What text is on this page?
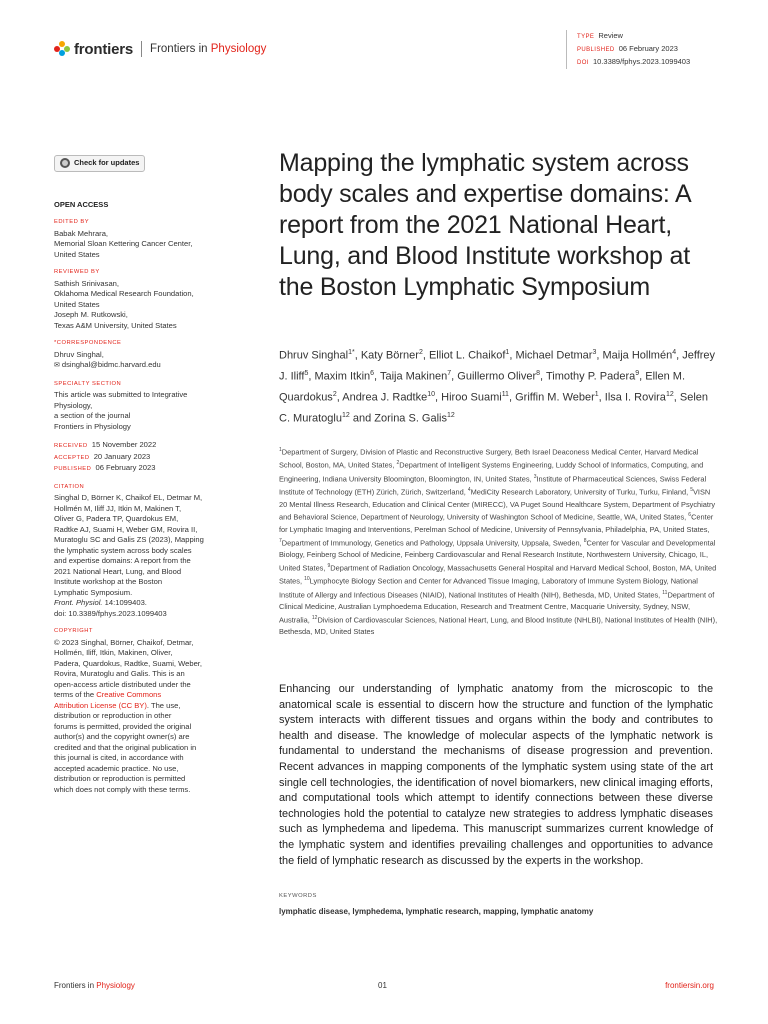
frontiers Frontiers in Physiology
TYPE Review
PUBLISHED 06 February 2023
DOI 10.3389/fphys.2023.1099403
Check for updates
OPEN ACCESS
EDITED BY
Babak Mehrara,
Memorial Sloan Kettering Cancer Center,
United States
REVIEWED BY
Sathish Srinivasan,
Oklahoma Medical Research Foundation,
United States
Joseph M. Rutkowski,
Texas A&M University, United States
*CORRESPONDENCE
Dhruv Singhal,
✉ dsinghal@bidmc.harvard.edu
SPECIALTY SECTION
This article was submitted to Integrative
Physiology,
a section of the journal
Frontiers in Physiology
RECEIVED 15 November 2022
ACCEPTED 20 January 2023
PUBLISHED 06 February 2023
CITATION
Singhal D, Börner K, Chaikof EL, Detmar M,
Hollmén M, Iliff JJ, Itkin M, Makinen T,
Oliver G, Padera TP, Quardokus EM,
Radtke AJ, Suami H, Weber GM, Rovira II,
Muratoglu SC and Galis ZS (2023), Mapping
the lymphatic system across body scales
and expertise domains: A report from the
2021 National Heart, Lung, and Blood
Institute workshop at the Boston
Lymphatic Symposium.
Front. Physiol. 14:1099403.
doi: 10.3389/fphys.2023.1099403
COPYRIGHT
© 2023 Singhal, Börner, Chaikof, Detmar,
Hollmén, Iliff, Itkin, Makinen, Oliver,
Padera, Quardokus, Radtke, Suami, Weber,
Rovira, Muratoglu and Galis. This is an
open-access article distributed under the
terms of the Creative Commons
Attribution License (CC BY). The use,
distribution or reproduction in other
forums is permitted, provided the original
author(s) and the copyright owner(s) are
credited and that the original publication in
this journal is cited, in accordance with
accepted academic practice. No use,
distribution or reproduction is permitted
which does not comply with these terms.
Mapping the lymphatic system across body scales and expertise domains: A report from the 2021 National Heart, Lung, and Blood Institute workshop at the Boston Lymphatic Symposium
Dhruv Singhal$^{1*}$, Katy Börner$^2$, Elliot L. Chaikof$^1$, Michael Detmar$^3$, Maija Hollmén$^4$, Jeffrey J. Iliff$^5$, Maxim Itkin$^6$, Taija Makinen$^7$, Guillermo Oliver$^8$, Timothy P. Padera$^9$, Ellen M. Quardokus$^2$, Andrea J. Radtke$^{10}$, Hiroo Suami$^{11}$, Griffin M. Weber$^1$, Ilsa I. Rovira$^{12}$, Selen C. Muratoglu$^{12}$ and Zorina S. Galis$^{12}$
$^1$Department of Surgery, Division of Plastic and Reconstructive Surgery, Beth Israel Deaconess Medical Center, Harvard Medical School, Boston, MA, United States, $^2$Department of Intelligent Systems Engineering, Luddy School of Informatics, Computing, and Engineering, Indiana University Bloomington, Bloomington, IN, United States, $^3$Institute of Pharmaceutical Sciences, Swiss Federal Institute of Technology (ETH) Zürich, Zürich, Switzerland, $^4$MediCity Research Laboratory, University of Turku, Turku, Finland, $^5$VISN 20 Mental Illness Research, Education and Clinical Center (MIRECC), VA Puget Sound Healthcare System, Department of Psychiatry and Behavioral Science, Department of Neurology, University of Washington School of Medicine, Seattle, WA, United States, $^6$Center for Lymphatic Imaging and Interventions, Perelman School of Medicine, University of Pennsylvania, Philadelphia, PA, United States, $^7$Department of Immunology, Genetics and Pathology, Uppsala University, Uppsala, Sweden, $^8$Center for Vascular and Developmental Biology, Feinberg School of Medicine, Feinberg Cardiovascular and Renal Research Institute, Northwestern University, Chicago, IL, United States, $^9$Department of Radiation Oncology, Massachusetts General Hospital and Harvard Medical School, Boston, MA, United States, $^{10}$Lymphocyte Biology Section and Center for Advanced Tissue Imaging, Laboratory of Immune System Biology, National Institute of Allergy and Infectious Diseases (NIAID), National Institutes of Health (NIH), Bethesda, MD, United States, $^{11}$Department of Clinical Medicine, Australian Lymphoedema Education, Research and Treatment Centre, Macquarie University, Sydney, NSW, Australia, $^{12}$Division of Cardiovascular Sciences, National Heart, Lung, and Blood Institute (NHLBI), National Institutes of Health (NIH), Bethesda, MD, United States

Enhancing our understanding of lymphatic anatomy from the microscopic to the anatomical scale is essential to discern how the structure and function of the lymphatic system interacts with different tissues and organs within the body and contributes to health and disease. The knowledge of molecular aspects of the lymphatic network is fundamental to understand the mechanisms of disease progression and prevention. Recent advances in mapping components of the lymphatic system using state of the art single cell technologies, the identification of novel biomarkers, new clinical imaging efforts, and computational tools which attempt to identify connections between these diverse technologies hold the potential to catalyze new strategies to address lymphatic diseases such as lymphedema and lipedema. This manuscript summarizes current knowledge of the lymphatic system and identifies prevailing challenges and opportunities to advance the field of lymphatic research as discussed by the experts in the workshop.

KEYWORDS
lymphatic disease, lymphedema, lymphatic research, mapping, lymphatic anatomy
Frontiers in Physiology	01	frontiersin.org
